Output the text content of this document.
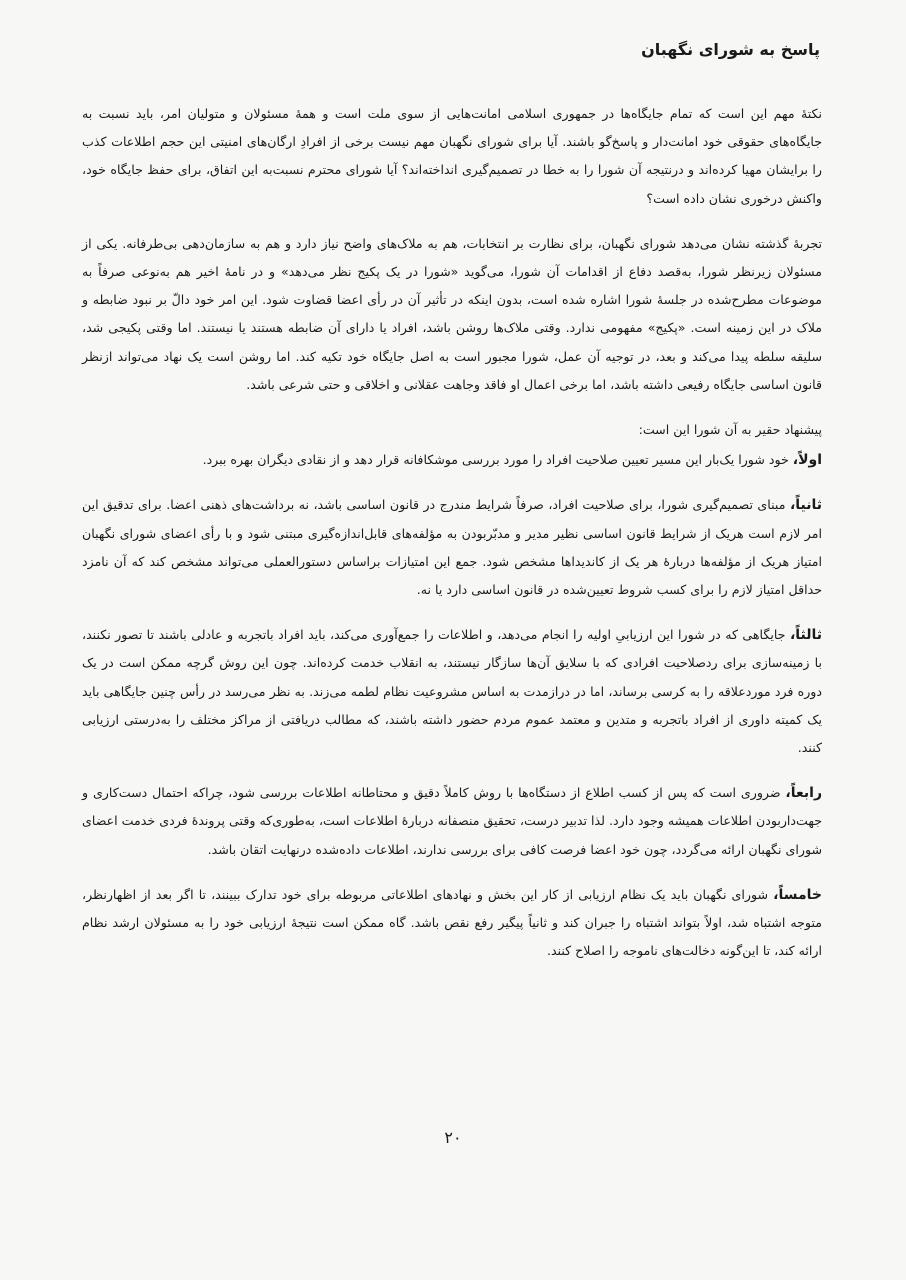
پاسخ به شورای نگهبان

نکتهٔ مهم این است که تمام جایگاه‌ها در جمهوری اسلامی امانت‌هایی از سوی ملت است و همهٔ مسئولان و متولیان امر، باید نسبت به جایگاه‌های حقوقی خود امانت‌دار و پاسخ‌گو باشند. آیا برای شورای نگهبان مهم نیست برخی از افرادِ ارگان‌های امنیتی این حجم اطلاعات کذب را برایشان مهیا کرده‌اند و درنتیجه آن شورا را به خطا در تصمیم‌گیری انداخته‌اند؟ آیا شورای محترم نسبت‌به این اتفاق، برای حفظ جایگاه خود، واکنش درخوری نشان داده است؟

تجربهٔ گذشته نشان می‌دهد شورای نگهبان، برای نظارت بر انتخابات، هم به ملاک‌های واضح نیاز دارد و هم به سازمان‌دهی بی‌طرفانه. یکی از مسئولان زیرنظر شورا، به‌قصد دفاع از اقدامات آن شورا، می‌گوید «شورا در یک پکیج نظر می‌دهد» و در نامهٔ اخیر هم به‌نوعی صرفاً به موضوعات مطرح‌شده در جلسهٔ شورا اشاره شده است، بدون اینکه در تأثیر آن در رأی اعضا قضاوت شود. این امر خود دالّ بر نبود ضابطه و ملاک در این زمینه است. «پکیج» مفهومی ندارد. وقتی ملاک‌ها روشن باشد، افراد یا دارای آن ضابطه هستند یا نیستند. اما وقتی پکیجی شد، سلیقه سلطه پیدا می‌کند و بعد، در توجیه آن عمل، شورا مجبور است به اصل جایگاه خود تکیه کند. اما روشن است یک نهاد می‌تواند ازنظر قانون اساسی جایگاه رفیعی داشته باشد، اما برخی اعمال او فاقد وجاهت عقلانی و اخلاقی و حتی شرعی باشد.

پیشنهاد حقیر به آن شورا این است:

اولاً، خود شورا یک‌بار این مسیر تعیین صلاحیت افراد را مورد بررسی موشکافانه قرار دهد و از نقادی دیگران بهره ببرد.

ثانیاً، مبنای تصمیم‌گیری شورا، برای صلاحیت افراد، صرفاً شرایط مندرج در قانون اساسی باشد، نه برداشت‌های ذهنی اعضا. برای تدقیق این امر لازم است هریک از شرایط قانون اساسی نظیر مدیر و مدبّربودن به مؤلفه‌های قابل‌اندازه‌گیری مبتنی شود و با رأی اعضای شورای نگهبان امتیاز هریک از مؤلفه‌ها دربارهٔ هر یک از کاندیداها مشخص شود. جمع این امتیازات براساس دستورالعملی می‌تواند مشخص کند که آن نامزد حداقل امتیاز لازم را برای کسب شروط تعیین‌شده در قانون اساسی دارد یا نه.

ثالثاً، جایگاهی که در شورا این ارزیابیِ اولیه را انجام می‌دهد، و اطلاعات را جمع‌آوری می‌کند، باید افراد باتجربه و عادلی باشند تا تصور نکنند، با زمینه‌سازی برای ردصلاحیت افرادی که با سلایق آن‌ها سازگار نیستند، به انقلاب خدمت کرده‌اند. چون این روش گرچه ممکن است در یک دوره فرد موردعلاقه را به کرسی برساند، اما در درازمدت به اساس مشروعیت نظام لطمه می‌زند. به نظر می‌رسد در رأس چنین جایگاهی باید یک کمیته داوری از افراد باتجربه و متدین و معتمد عموم مردم حضور داشته باشند، که مطالب دریافتی از مراکز مختلف را به‌درستی ارزیابی کنند.

رابعاً، ضروری است که پس از کسب اطلاع از دستگاه‌ها با روش کاملاً دقیق و محتاطانه اطلاعات بررسی شود، چراکه احتمال دست‌کاری و جهت‌داربودن اطلاعات همیشه وجود دارد. لذا تدبیر درست، تحقیق منصفانه دربارهٔ اطلاعات است، به‌طوری‌که وقتی پروندهٔ فردی خدمت اعضای شورای نگهبان ارائه می‌گردد، چون خود اعضا فرصت کافی برای بررسی ندارند، اطلاعات داده‌شده درنهایت اتقان باشد.

خامساً، شورای نگهبان باید یک نظام ارزیابی از کار این بخش و نهادهای اطلاعاتی مربوطه برای خود تدارک ببینند، تا اگر بعد از اظهارنظر، متوجه اشتباه شد، اولاً بتواند اشتباه را جبران کند و ثانیاً پیگیر رفع نقص باشد. گاه ممکن است نتیجهٔ ارزیابی خود را به مسئولان ارشد نظام ارائه کند، تا این‌گونه دخالت‌های ناموجه را اصلاح کنند.

۲۰
